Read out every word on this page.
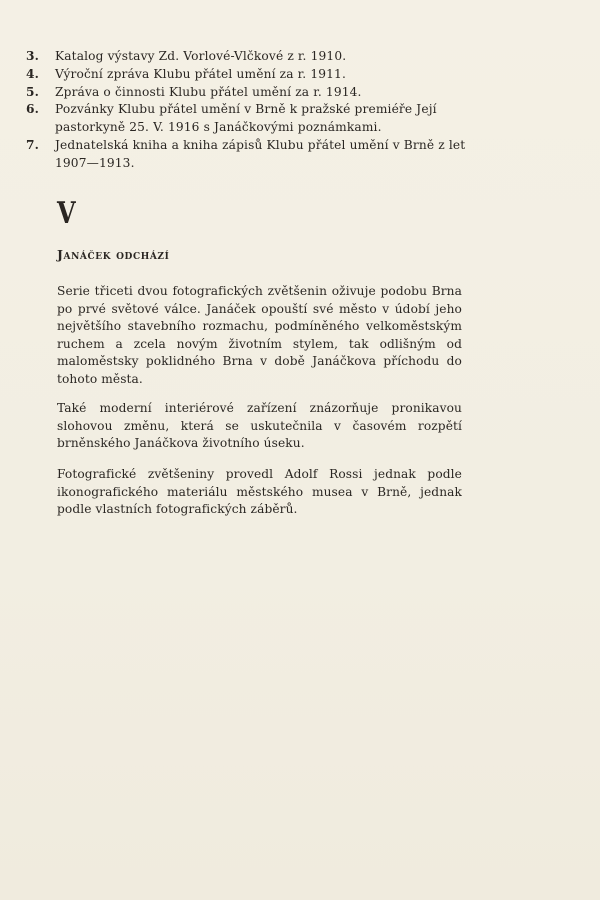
3.	Katalog výstavy Zd. Vorlové-Vlčkové z r. 1910.
4.	Výroční zpráva Klubu přátel umění za r. 1911.
5.	Zpráva o činnosti Klubu přátel umění za r. 1914.
6.	Pozvánky Klubu přátel umění v Brně k pražské premiéře Její pastorkyně 25. V. 1916 s Janáčkovými poznámkami.
7.	Jednatelská kniha a kniha zápisů Klubu přátel umění v Brně z let 1907—1913.
V
Janáček odchází

Serie třiceti dvou fotografických zvětšenin oživuje podobu Brna po prvé světové válce. Janáček opouští své město v údobí jeho největšího stavebního rozmachu, podmíněného velkoměstským ruchem a zcela novým životním stylem, tak odlišným od maloměstsky poklidného Brna v době Janáčkova příchodu do tohoto města.

Také moderní interiérové zařízení znázorňuje pronikavou slohovou změnu, která se uskutečnila v časovém rozpětí brněnského Janáčkova životního úseku.

Fotografické zvětšeniny provedl Adolf Rossi jednak podle ikonografického materiálu městského musea v Brně, jednak podle vlastních fotografických záběrů.
